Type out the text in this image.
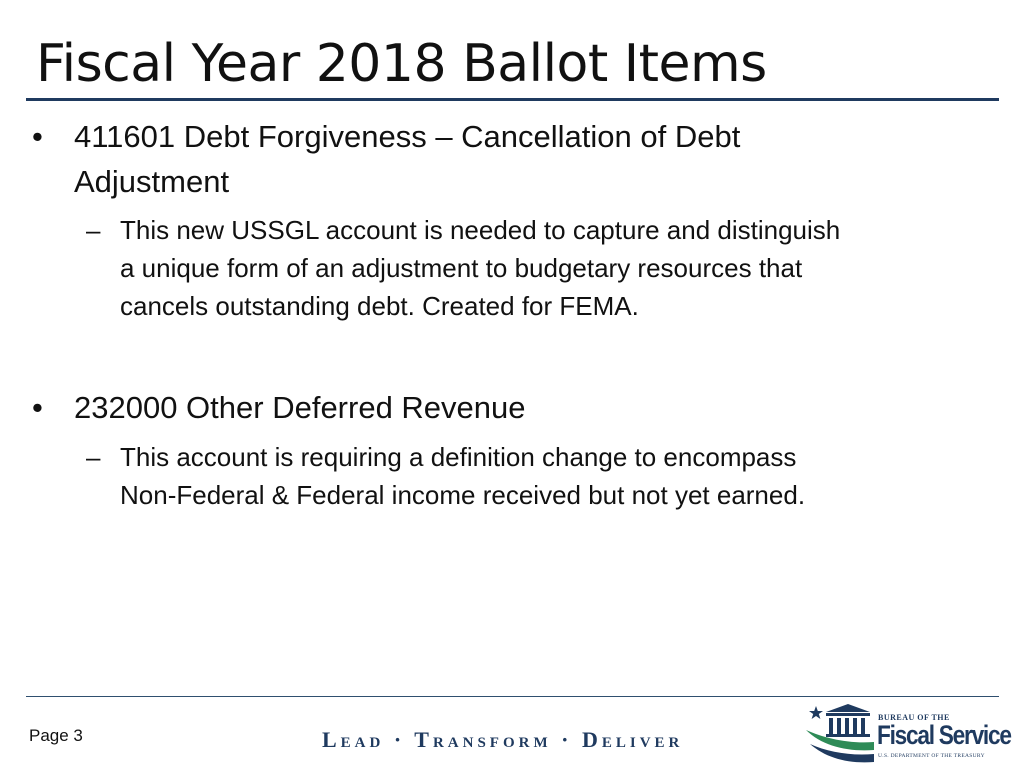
Fiscal Year 2018 Ballot Items
• 411601 Debt Forgiveness – Cancellation of Debt
Adjustment
– This new USSGL account is needed to capture and distinguish
a unique form of an adjustment to budgetary resources that
cancels outstanding debt. Created for FEMA.
• 232000 Other Deferred Revenue
– This account is requiring a definition change to encompass
Non-Federal & Federal income received but not yet earned.
Page 3	Lead · Transform · Deliver
BUREAU OF THE
Fiscal Service
U.S. DEPARTMENT OF THE TREASURY
